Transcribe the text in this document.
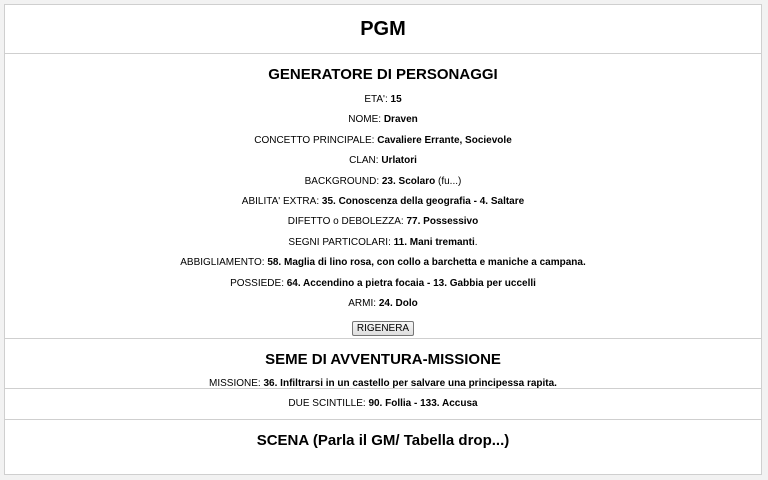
PGM
GENERATORE DI PERSONAGGI
ETA': 15
NOME: Draven
CONCETTO PRINCIPALE: Cavaliere Errante, Socievole
CLAN: Urlatori
BACKGROUND: 23. Scolaro (fu...)
ABILITA' EXTRA: 35. Conoscenza della geografia - 4. Saltare
DIFETTO o DEBOLEZZA: 77. Possessivo
SEGNI PARTICOLARI: 11. Mani tremanti.
ABBIGLIAMENTO: 58. Maglia di lino rosa, con collo a barchetta e maniche a campana.
POSSIEDE: 64. Accendino a pietra focaia - 13. Gabbia per uccelli
ARMI: 24. Dolo
RIGENERA
SEME DI AVVENTURA-MISSIONE
MISSIONE: 36. Infiltrarsi in un castello per salvare una principessa rapita.
DUE SCINTILLE: 90. Follia - 133. Accusa
SCENA (Parla il GM/ Tabella drop...)
